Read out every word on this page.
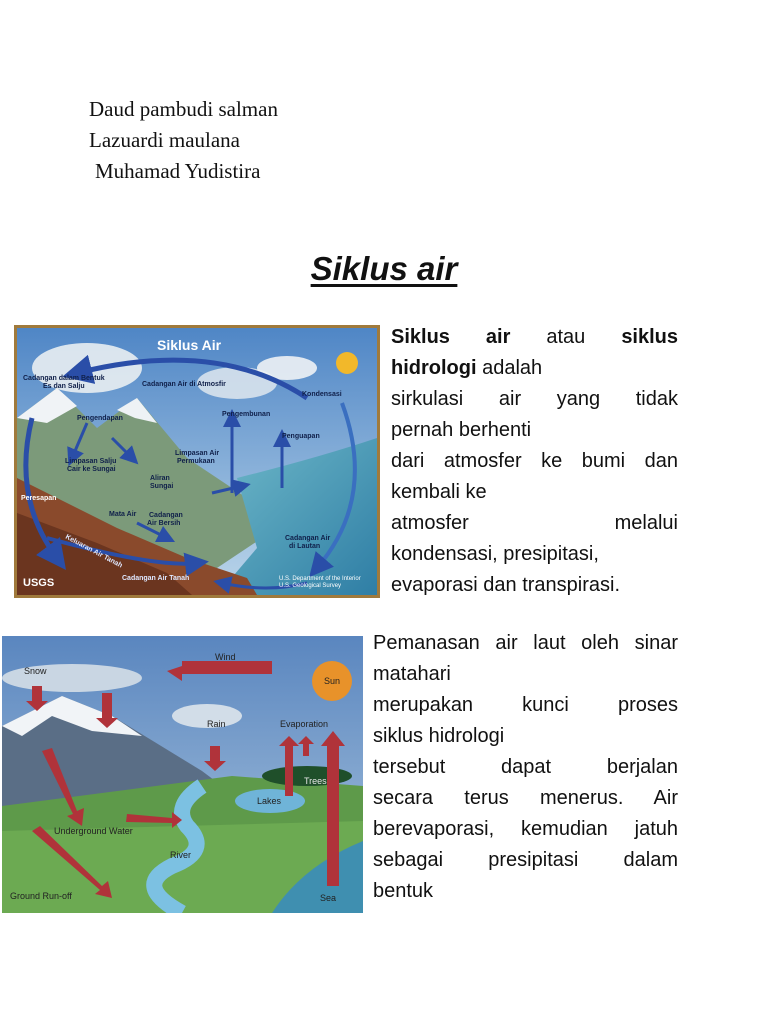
Daud pambudi salman
Lazuardi maulana
Muhamad Yudistira
Siklus air
Siklus Air
Cadangan dalam Bentuk
Es dan Salju	Cadangan Air di Atmosfir
Kondensasi
Pengendapan
Pengembunan
Penguapan
Limpasan Salju
Cair ke Sungai
Limpasan Air
Permukaan
Aliran
Sungai
Peresapan
Mata Air Cadangan
Air Bersih
Keluaran Air Tanah	Cadangan Air
di Lautan
Cadangan Air Tanah	U.S. Department of the Interior
U.S. Geological Survey
USGS
Siklus air atau siklus
hidrologi adalah
sirkulasi air yang tidak
pernah berhenti
dari atmosfer ke bumi dan
kembali ke
atmosfer melalui
kondensasi, presipitasi,
evaporasi dan transpirasi.
Snow
Wind
Sun
Rain	Evaporation
Trees
Lakes
Underground Water
River
Ground Run-off	Sea
Pemanasan air laut oleh sinar
matahari
merupakan kunci proses
siklus hidrologi
tersebut dapat berjalan
secara terus menerus. Air
berevaporasi, kemudian jatuh
sebagai presipitasi dalam
bentuk
